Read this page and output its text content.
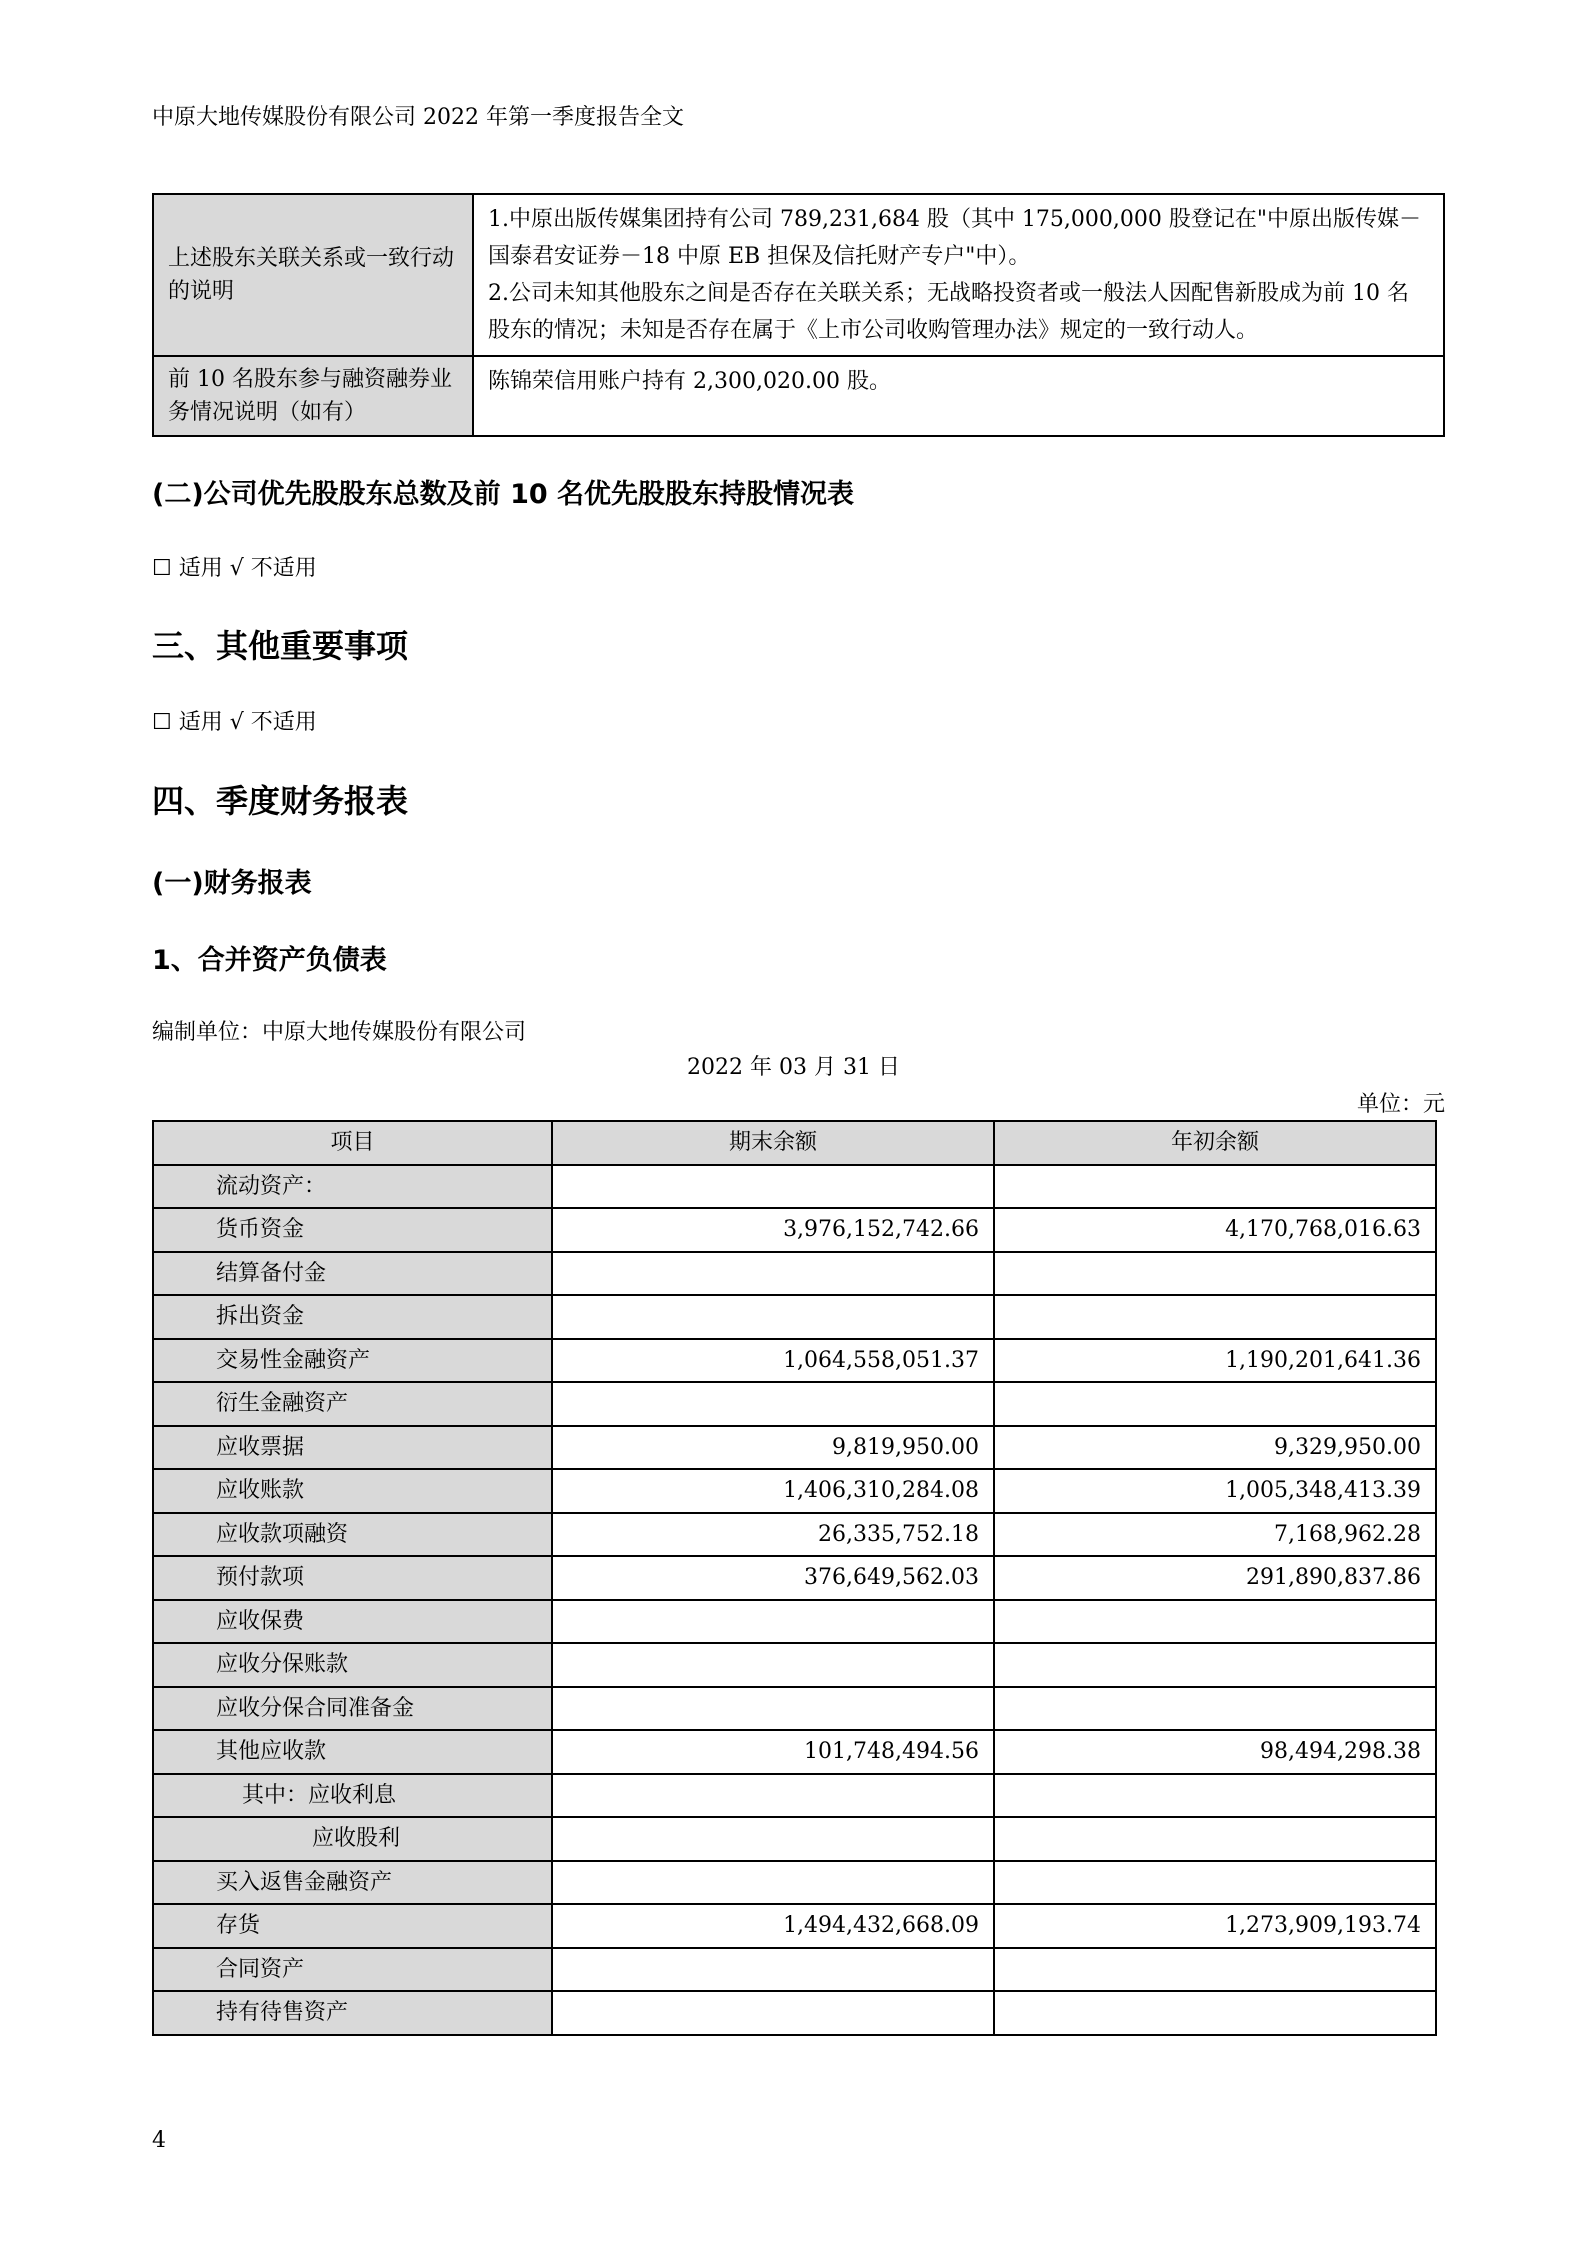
中原大地传媒股份有限公司 2022 年第一季度报告全文
上述股东关联关系或一致行动的说明	1.中原出版传媒集团持有公司 789,231,684 股（其中 175,000,000 股登记在"中原出版传媒－国泰君安证券－18 中原 EB 担保及信托财产专户"中）。
2.公司未知其他股东之间是否存在关联关系；无战略投资者或一般法人因配售新股成为前 10 名股东的情况；未知是否存在属于《上市公司收购管理办法》规定的一致行动人。

前 10 名股东参与融资融券业务情况说明（如有）	陈锦荣信用账户持有 2,300,020.00 股。
(二)公司优先股股东总数及前 10 名优先股股东持股情况表
☐ 适用 √ 不适用
三、其他重要事项
☐ 适用 √ 不适用
四、季度财务报表
(一)财务报表
1、合并资产负债表
编制单位：中原大地传媒股份有限公司
2022 年 03 月 31 日
单位：元
项目	期末余额	年初余额
流动资产：		
货币资金	3,976,152,742.66	4,170,768,016.63
结算备付金		
拆出资金		
交易性金融资产	1,064,558,051.37	1,190,201,641.36
衍生金融资产		
应收票据	9,819,950.00	9,329,950.00
应收账款	1,406,310,284.08	1,005,348,413.39
应收款项融资	26,335,752.18	7,168,962.28
预付款项	376,649,562.03	291,890,837.86
应收保费		
应收分保账款		
应收分保合同准备金		
其他应收款	101,748,494.56	98,494,298.38
其中：应收利息		
应收股利		
买入返售金融资产		
存货	1,494,432,668.09	1,273,909,193.74
合同资产		
持有待售资产		
4
